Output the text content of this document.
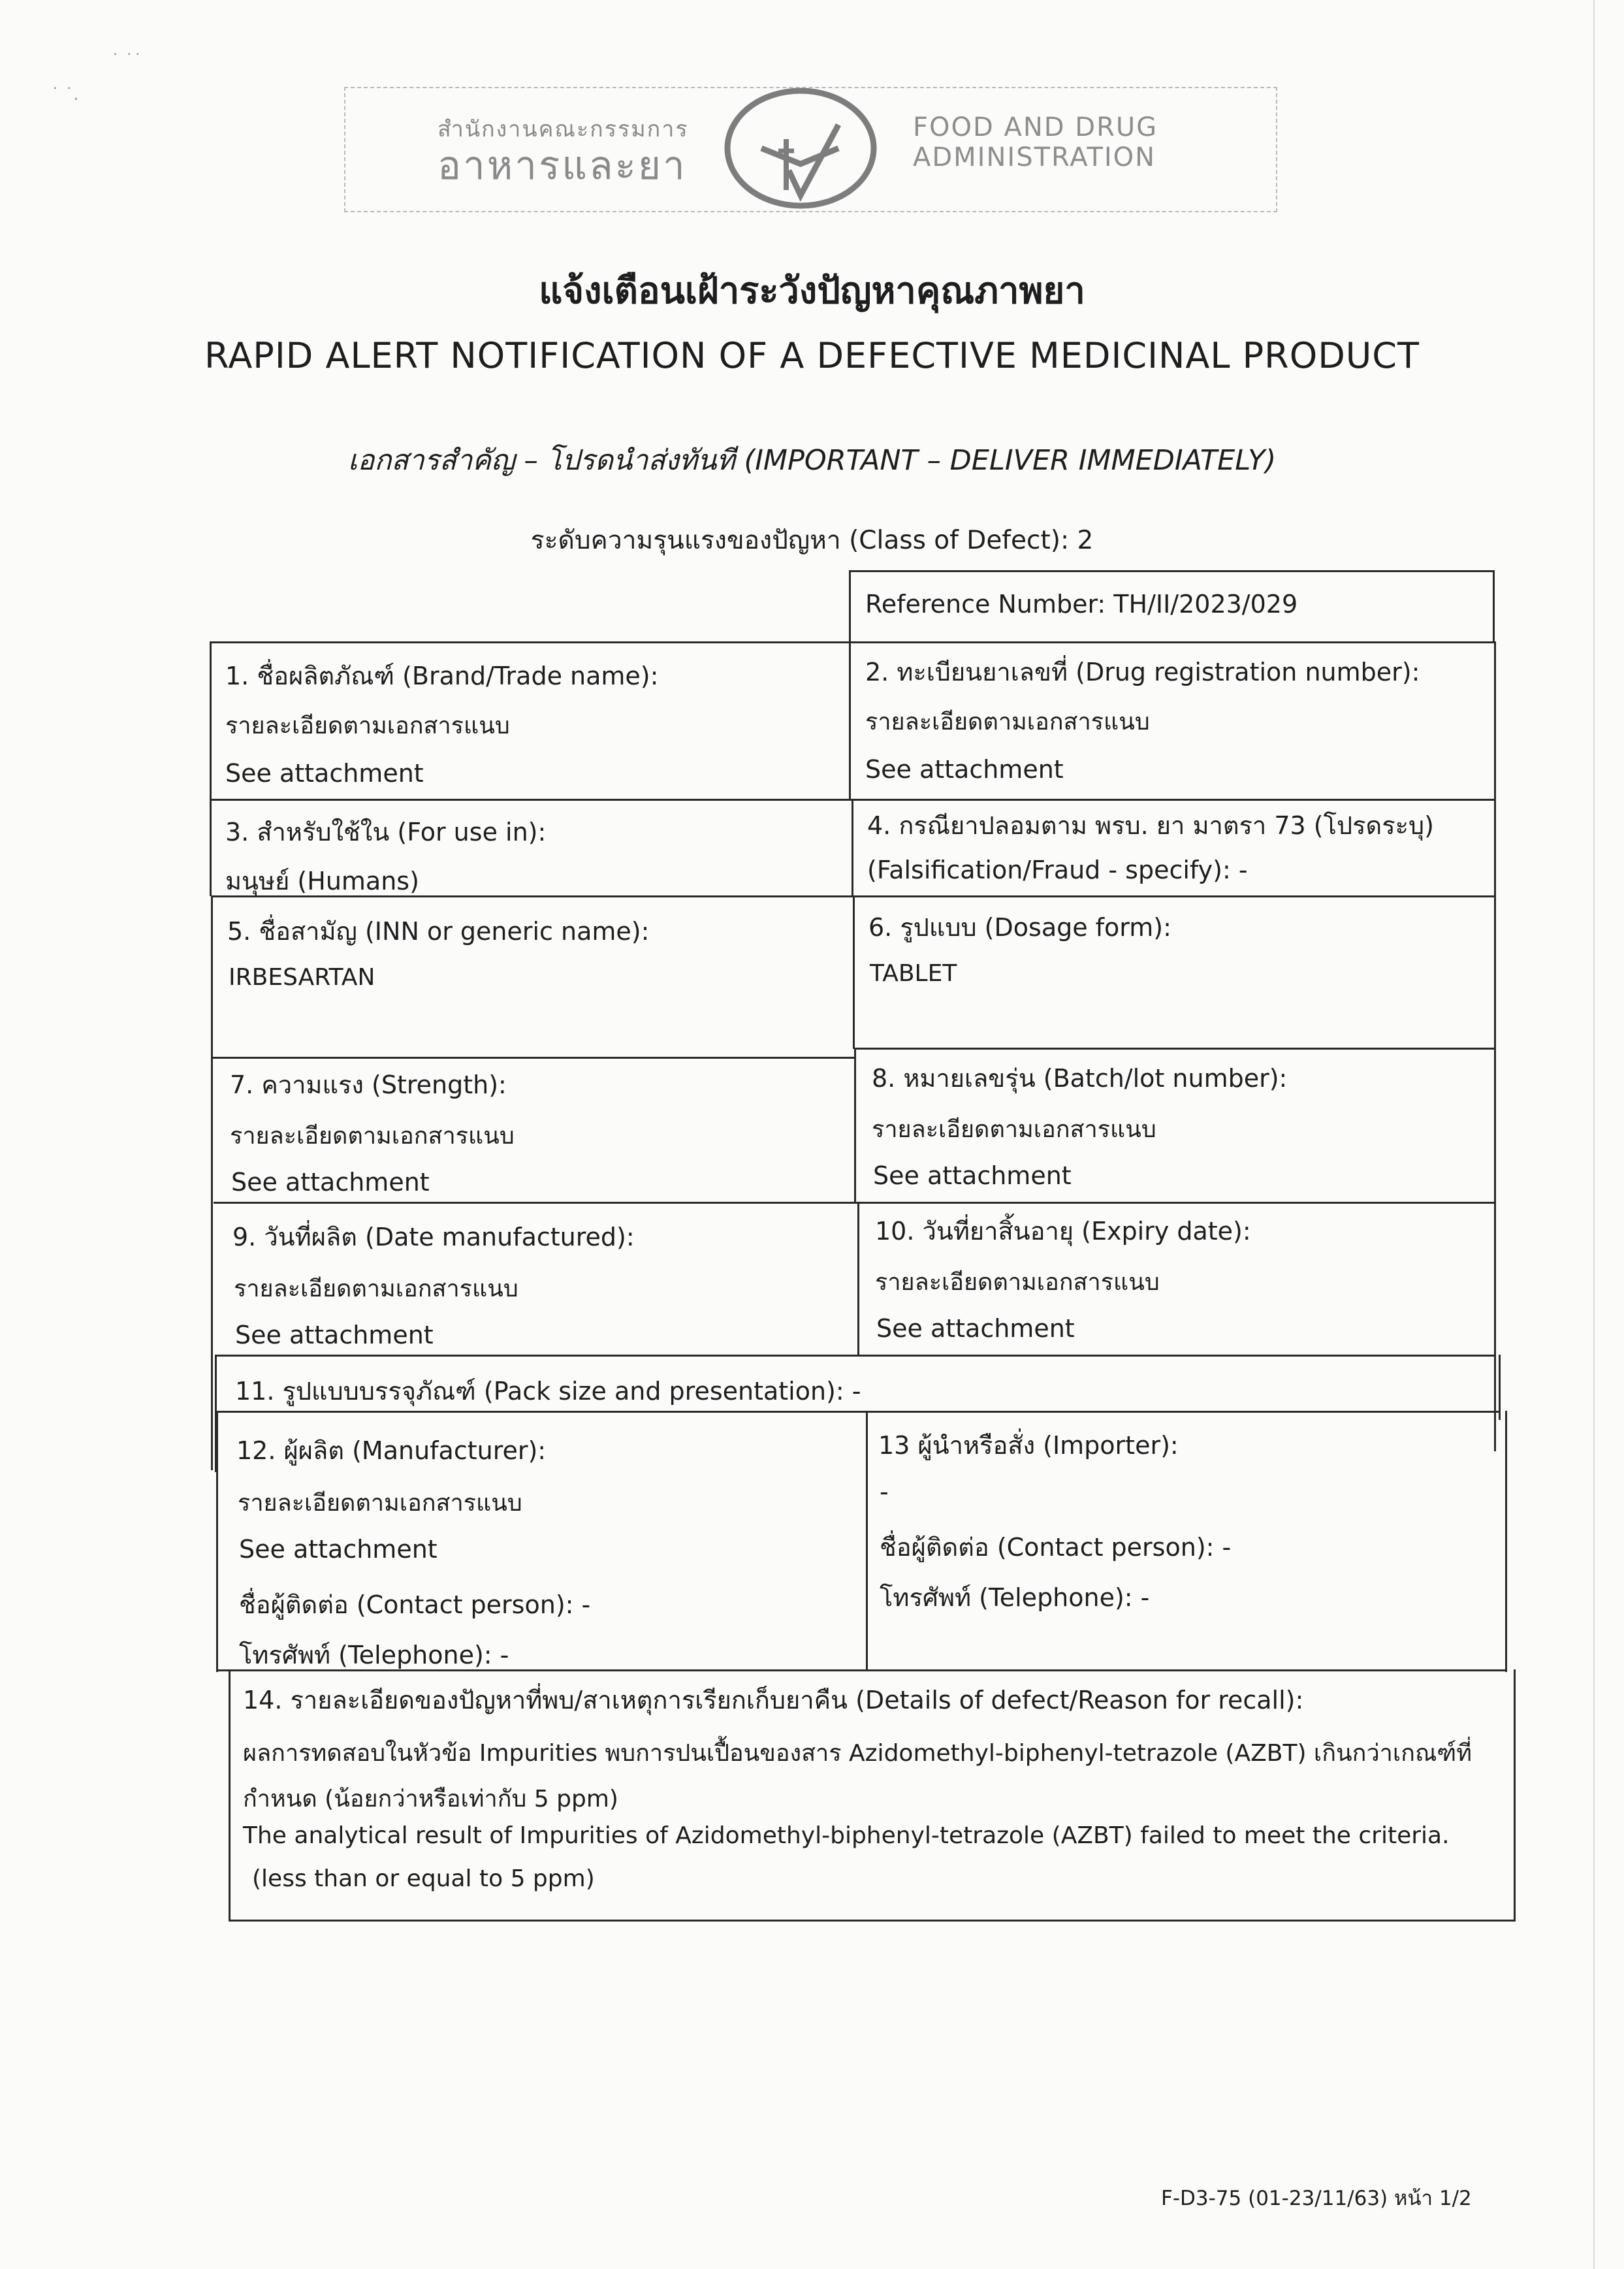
˙ ˙˙
˙ ˙.
สำนักงานคณะกรรมการ
อาหารและยา
FOOD AND DRUG
ADMINISTRATION
แจ้งเตือนเฝ้าระวังปัญหาคุณภาพยา
RAPID ALERT NOTIFICATION OF A DEFECTIVE MEDICINAL PRODUCT
เอกสารสำคัญ – โปรดนำส่งทันที (IMPORTANT – DELIVER IMMEDIATELY)
ระดับความรุนแรงของปัญหา (Class of Defect): 2
Reference Number: TH/II/2023/029
1. ชื่อผลิตภัณฑ์ (Brand/Trade name):
รายละเอียดตามเอกสารแนบ
See attachment
2. ทะเบียนยาเลขที่ (Drug registration number):
รายละเอียดตามเอกสารแนบ
See attachment
3. สำหรับใช้ใน (For use in):
มนุษย์ (Humans)
4. กรณียาปลอมตาม พรบ. ยา มาตรา 73 (โปรดระบุ)
(Falsification/Fraud - specify): -
5. ชื่อสามัญ (INN or generic name):
IRBESARTAN
6. รูปแบบ (Dosage form):
TABLET
7. ความแรง (Strength):
รายละเอียดตามเอกสารแนบ
See attachment
8. หมายเลขรุ่น (Batch/lot number):
รายละเอียดตามเอกสารแนบ
See attachment
9. วันที่ผลิต (Date manufactured):
รายละเอียดตามเอกสารแนบ
See attachment
10. วันที่ยาสิ้นอายุ (Expiry date):
รายละเอียดตามเอกสารแนบ
See attachment
11. รูปแบบบรรจุภัณฑ์ (Pack size and presentation): -
12. ผู้ผลิต (Manufacturer):
รายละเอียดตามเอกสารแนบ
See attachment
ชื่อผู้ติดต่อ (Contact person): -
โทรศัพท์ (Telephone): -
13 ผู้นำหรือสั่ง (Importer):
-
ชื่อผู้ติดต่อ (Contact person): -
โทรศัพท์ (Telephone): -
14. รายละเอียดของปัญหาที่พบ/สาเหตุการเรียกเก็บยาคืน (Details of defect/Reason for recall):
ผลการทดสอบในหัวข้อ Impurities พบการปนเปื้อนของสาร Azidomethyl-biphenyl-tetrazole (AZBT) เกินกว่าเกณฑ์ที่
กำหนด (น้อยกว่าหรือเท่ากับ 5 ppm)
The analytical result of Impurities of Azidomethyl-biphenyl-tetrazole (AZBT) failed to meet the criteria.
(less than or equal to 5 ppm)
F-D3-75 (01-23/11/63) หน้า 1/2
